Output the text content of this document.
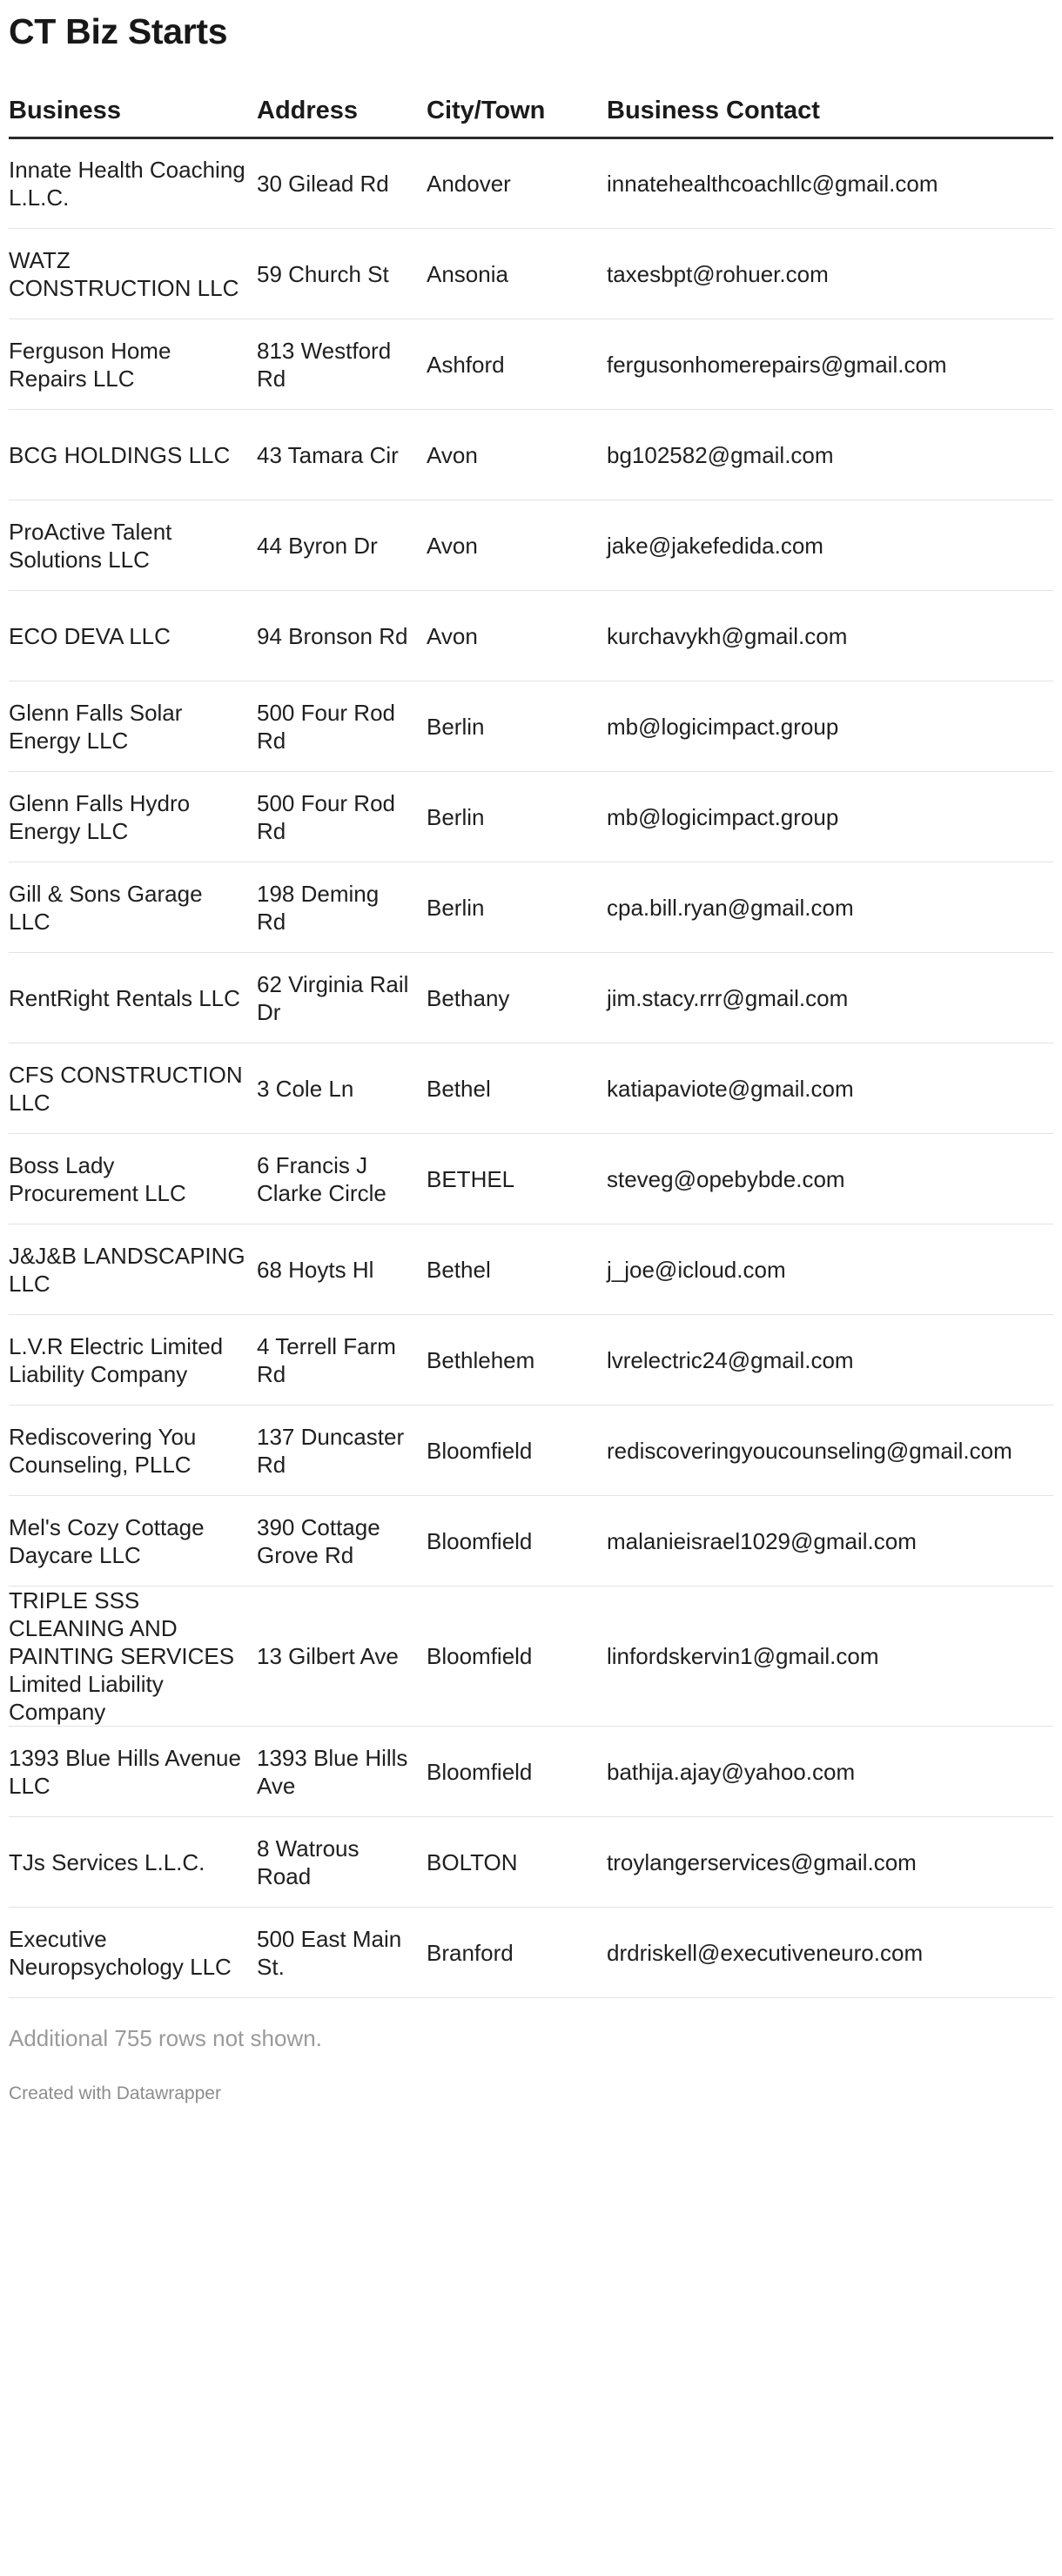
CT Biz Starts
Business	Address	City/Town	Business Contact
Innate Health Coaching L.L.C.	30 Gilead Rd	Andover	innatehealthcoachllc@gmail.com
WATZ CONSTRUCTION LLC	59 Church St	Ansonia	taxesbpt@rohuer.com
Ferguson Home Repairs LLC	813 Westford Rd	Ashford	fergusonhomerepairs@gmail.com
BCG HOLDINGS LLC	43 Tamara Cir	Avon	bg102582@gmail.com
ProActive Talent Solutions LLC	44 Byron Dr	Avon	jake@jakefedida.com
ECO DEVA LLC	94 Bronson Rd	Avon	kurchavykh@gmail.com
Glenn Falls Solar Energy LLC	500 Four Rod Rd	Berlin	mb@logicimpact.group
Glenn Falls Hydro Energy LLC	500 Four Rod Rd	Berlin	mb@logicimpact.group
Gill & Sons Garage LLC	198 Deming Rd	Berlin	cpa.bill.ryan@gmail.com
RentRight Rentals LLC	62 Virginia Rail Dr	Bethany	jim.stacy.rrr@gmail.com
CFS CONSTRUCTION LLC	3 Cole Ln	Bethel	katiapaviote@gmail.com
Boss Lady Procurement LLC	6 Francis J Clarke Circle	BETHEL	steveg@opebybde.com
J&J&B LANDSCAPING LLC	68 Hoyts Hl	Bethel	j_joe@icloud.com
L.V.R Electric Limited Liability Company	4 Terrell Farm Rd	Bethlehem	lvrelectric24@gmail.com
Rediscovering You Counseling, PLLC	137 Duncaster Rd	Bloomfield	rediscoveringyoucounseling@gmail.com
Mel's Cozy Cottage Daycare LLC	390 Cottage Grove Rd	Bloomfield	malanieisrael1029@gmail.com
TRIPLE SSS CLEANING AND PAINTING SERVICES Limited Liability Company	13 Gilbert Ave	Bloomfield	linfordskervin1@gmail.com
1393 Blue Hills Avenue LLC	1393 Blue Hills Ave	Bloomfield	bathija.ajay@yahoo.com
TJs Services L.L.C.	8 Watrous Road	BOLTON	troylangerservices@gmail.com
Executive Neuropsychology LLC	500 East Main St.	Branford	drdriskell@executiveneuro.com
Additional 755 rows not shown.
Created with Datawrapper
